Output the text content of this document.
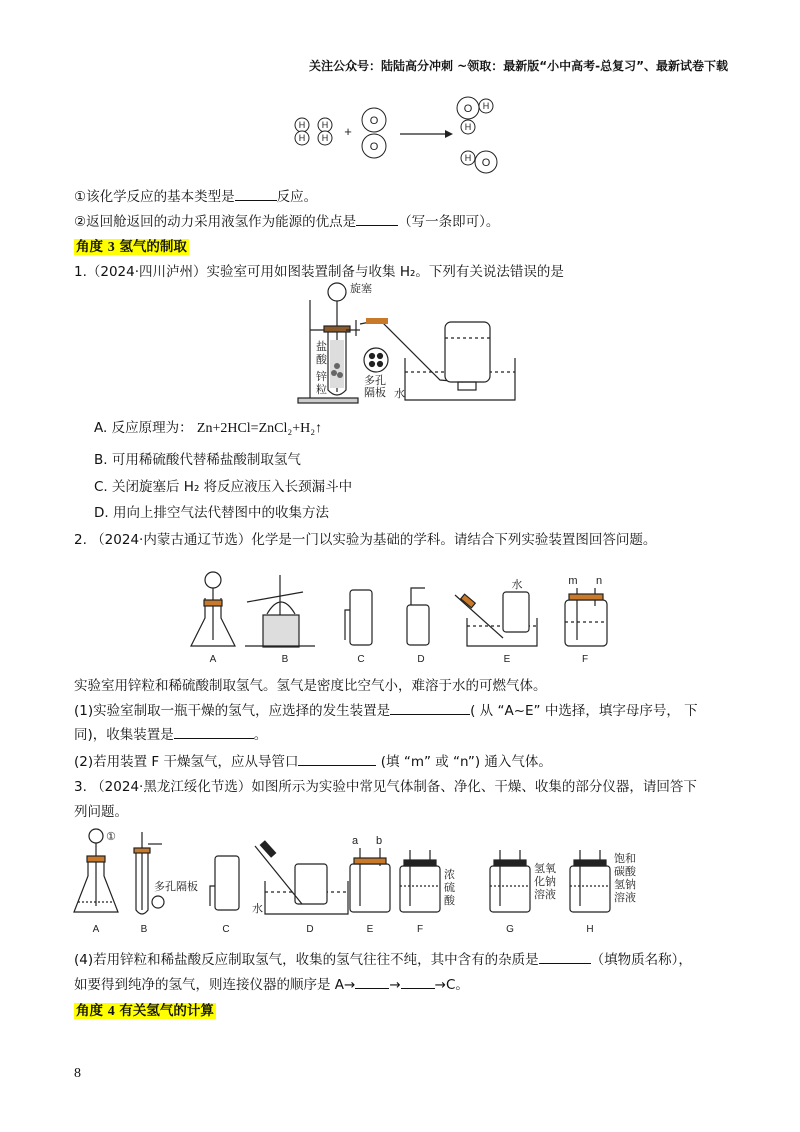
关注公众号：陆陆高分冲刺 ~领取：最新版“小中高考-总复习”、最新试卷下载
H
H
H
H
O
O
O H
H
H O
+
①该化学反应的基本类型是	反应。
②返回舱返回的动力采用液氢作为能源的优点是	（写一条即可）。
角度 3 氢气的制取
1.（2024·四川泸州）实验室可用如图装置制备与收集 H₂。下列有关说法错误的是
旋塞
盐
酸
锌
粒
多孔
隔板 水
A. 反应原理为： Zn+2HCl=ZnCl₂+H₂↑
B. 可用稀硫酸代替稀盐酸制取氢气
C. 关闭旋塞后 H₂ 将反应液压入长颈漏斗中
D. 用向上排空气法代替图中的收集方法
2. （2024·内蒙古通辽节选）化学是一门以实验为基础的学科。请结合下列实验装置图回答问题。
A	B	C	D	E	F
水	m n
实验室用锌粒和稀硫酸制取氢气。氢气是密度比空气小，难溶于水的可燃气体。
(1)实验室制取一瓶干燥的氢气，应选择的发生装置是	( 从 “A~E” 中选择，填字母序号， 下
同)，收集装置是	。
(2)若用装置 F 干燥氢气，应从导管口	(填 “m” 或 “n”) 通入气体。
3. （2024·黑龙江绥化节选）如图所示为实验中常见气体制备、净化、干燥、收集的部分仪器，请回答下
列问题。
A	B	C	D	E	F	G	H
①
多孔隔板
水
a b
浓
硫
酸
氢氧
化钠
溶液
饱和
碳酸
氢钠
溶液
(4)若用锌粒和稀盐酸反应制取氢气，收集的氢气往往不纯，其中含有的杂质是	（填物质名称），
如要得到纯净的氢气，则连接仪器的顺序是 A→	→	→C。
角度 4 有关氢气的计算
8
